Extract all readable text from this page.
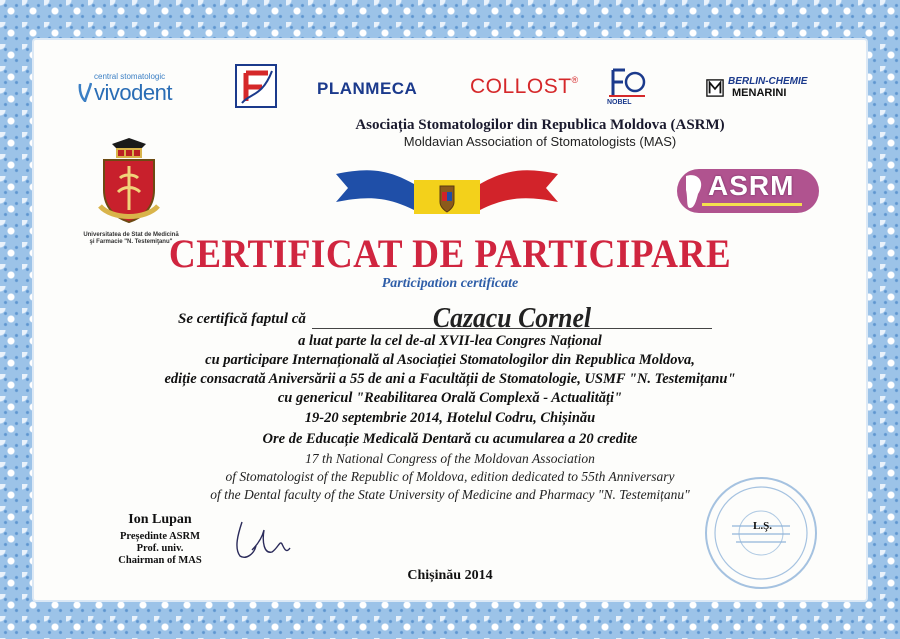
central stomatologic
vivodent	PLANMECA	COLLOST®
NOBEL
BERLIN-CHEMIE
MENARINI
Asociația Stomatologilor din Republica Moldova (ASRM)
Moldavian Association of Stomatologists (MAS)
Universitatea de Stat de Medicină
şi Farmacie "N. Testemiţanu"
ASRM
CERTIFICAT DE PARTICIPARE
Participation certificate
Se certifică faptul că	Cazacu Cornel
a luat parte la cel de-al XVII-lea Congres Național
cu participare Internațională al Asociației Stomatologilor din Republica Moldova,
ediție consacrată Aniversării a 55 de ani a Facultății de Stomatologie, USMF "N. Testemițanu"
cu genericul "Reabilitarea Orală Complexă - Actualități"
19-20 septembrie 2014, Hotelul Codru, Chișinău
Ore de Educație Medicală Dentară cu acumularea a 20 credite
17 th National Congress of the Moldovan Association
of Stomatologist of the Republic of Moldova, edition dedicated to 55th Anniversary
of the Dental faculty of the State University of Medicine and Pharmacy "N. Testemițanu"
Ion Lupan
Președinte ASRM
Prof. univ.
Chairman of MAS
L.Ş.
Chișinău 2014
